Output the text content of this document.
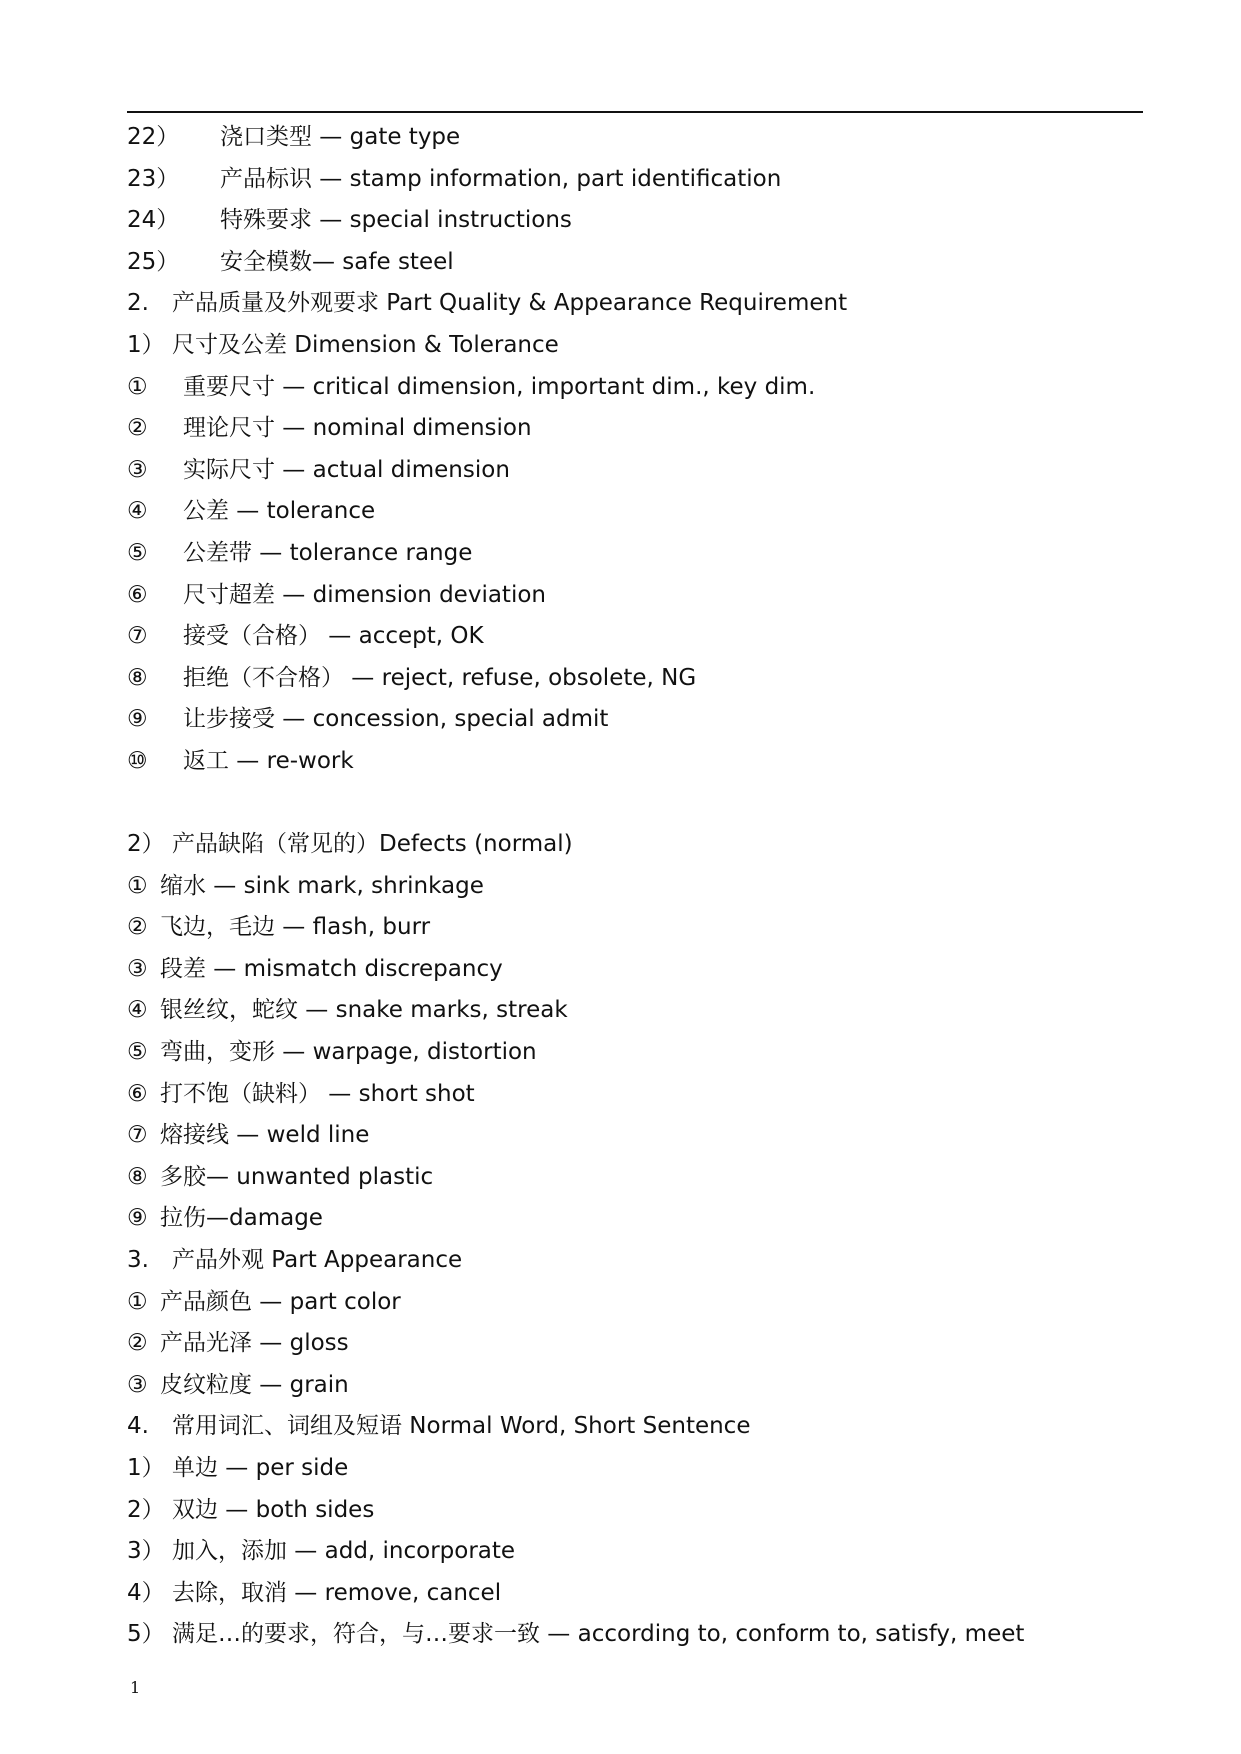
22） 浇口类型 — gate type
23） 产品标识 — stamp information, part identification
24） 特殊要求 — special instructions
25） 安全模数— safe steel
2. 产品质量及外观要求 Part Quality & Appearance Requirement
1） 尺寸及公差 Dimension & Tolerance
① 重要尺寸 — critical dimension, important dim., key dim.
② 理论尺寸 — nominal dimension
③ 实际尺寸 — actual dimension
④ 公差 — tolerance
⑤ 公差带 — tolerance range
⑥ 尺寸超差 — dimension deviation
⑦ 接受（合格） — accept, OK
⑧ 拒绝（不合格） — reject, refuse, obsolete, NG
⑨ 让步接受 — concession, special admit
⑩ 返工 — re-work
2） 产品缺陷（常见的）Defects (normal)
① 缩水 — sink mark, shrinkage
② 飞边，毛边 — flash, burr
③ 段差 — mismatch discrepancy
④ 银丝纹，蛇纹 — snake marks, streak
⑤ 弯曲，变形 — warpage, distortion
⑥ 打不饱（缺料） — short shot
⑦ 熔接线 — weld line
⑧ 多胶— unwanted plastic
⑨ 拉伤—damage
3. 产品外观 Part Appearance
① 产品颜色 — part color
② 产品光泽 — gloss
③ 皮纹粒度 — grain
4. 常用词汇、词组及短语 Normal Word, Short Sentence
1） 单边 — per side
2） 双边 — both sides
3） 加入，添加 — add, incorporate
4） 去除，取消 — remove, cancel
5） 满足…的要求，符合，与…要求一致 — according to, conform to, satisfy, meet
1
